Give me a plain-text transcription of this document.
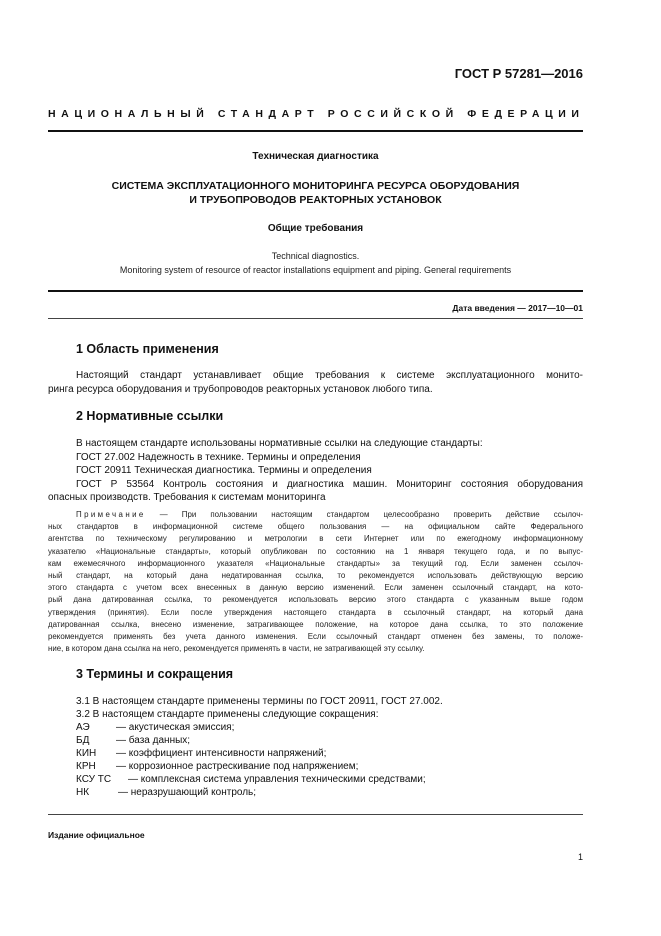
ГОСТ Р 57281—2016
НАЦИОНАЛЬНЫЙ СТАНДАРТ РОССИЙСКОЙ ФЕДЕРАЦИИ
Техническая диагностика
СИСТЕМА ЭКСПЛУАТАЦИОННОГО МОНИТОРИНГА РЕСУРСА ОБОРУДОВАНИЯ
И ТРУБОПРОВОДОВ РЕАКТОРНЫХ УСТАНОВОК
Общие требования
Technical diagnostics.
Monitoring system of resource of reactor installations equipment and piping. General requirements
Дата введения — 2017—10—01
1 Область применения
Настоящий стандарт устанавливает общие требования к системе эксплуатационного монито-
ринга ресурса оборудования и трубопроводов реакторных установок любого типа.
2 Нормативные ссылки
В настоящем стандарте использованы нормативные ссылки на следующие стандарты:
ГОСТ 27.002 Надежность в технике. Термины и определения
ГОСТ 20911 Техническая диагностика. Термины и определения
ГОСТ Р 53564 Контроль состояния и диагностика машин. Мониторинг состояния оборудования
опасных производств. Требования к системам мониторинга
Примечание — При пользовании настоящим стандартом целесообразно проверить действие ссылоч-
ных стандартов в информационной системе общего пользования — на официальном сайте Федерального
агентства по техническому регулированию и метрологии в сети Интернет или по ежегодному информационному
указателю «Национальные стандарты», который опубликован по состоянию на 1 января текущего года, и по выпус-
кам ежемесячного информационного указателя «Национальные стандарты» за текущий год. Если заменен ссылоч-
ный стандарт, на который дана недатированная ссылка, то рекомендуется использовать действующую версию
этого стандарта с учетом всех внесенных в данную версию изменений. Если заменен ссылочный стандарт, на кото-
рый дана датированная ссылка, то рекомендуется использовать версию этого стандарта с указанным выше годом
утверждения (принятия). Если после утверждения настоящего стандарта в ссылочный стандарт, на который дана
датированная ссылка, внесено изменение, затрагивающее положение, на которое дана ссылка, то это положение
рекомендуется применять без учета данного изменения. Если ссылочный стандарт отменен без замены, то положе-
ние, в котором дана ссылка на него, рекомендуется применять в части, не затрагивающей эту ссылку.
3 Термины и сокращения
3.1 В настоящем стандарте применены термины по ГОСТ 20911, ГОСТ 27.002.
3.2 В настоящем стандарте применены следующие сокращения:
АЭ	— акустическая эмиссия;
БД	— база данных;
КИН — коэффициент интенсивности напряжений;
КРН — коррозионное растрескивание под напряжением;
КСУ ТС — комплексная система управления техническими средствами;
НК	— неразрушающий контроль;
Издание официальное
1
